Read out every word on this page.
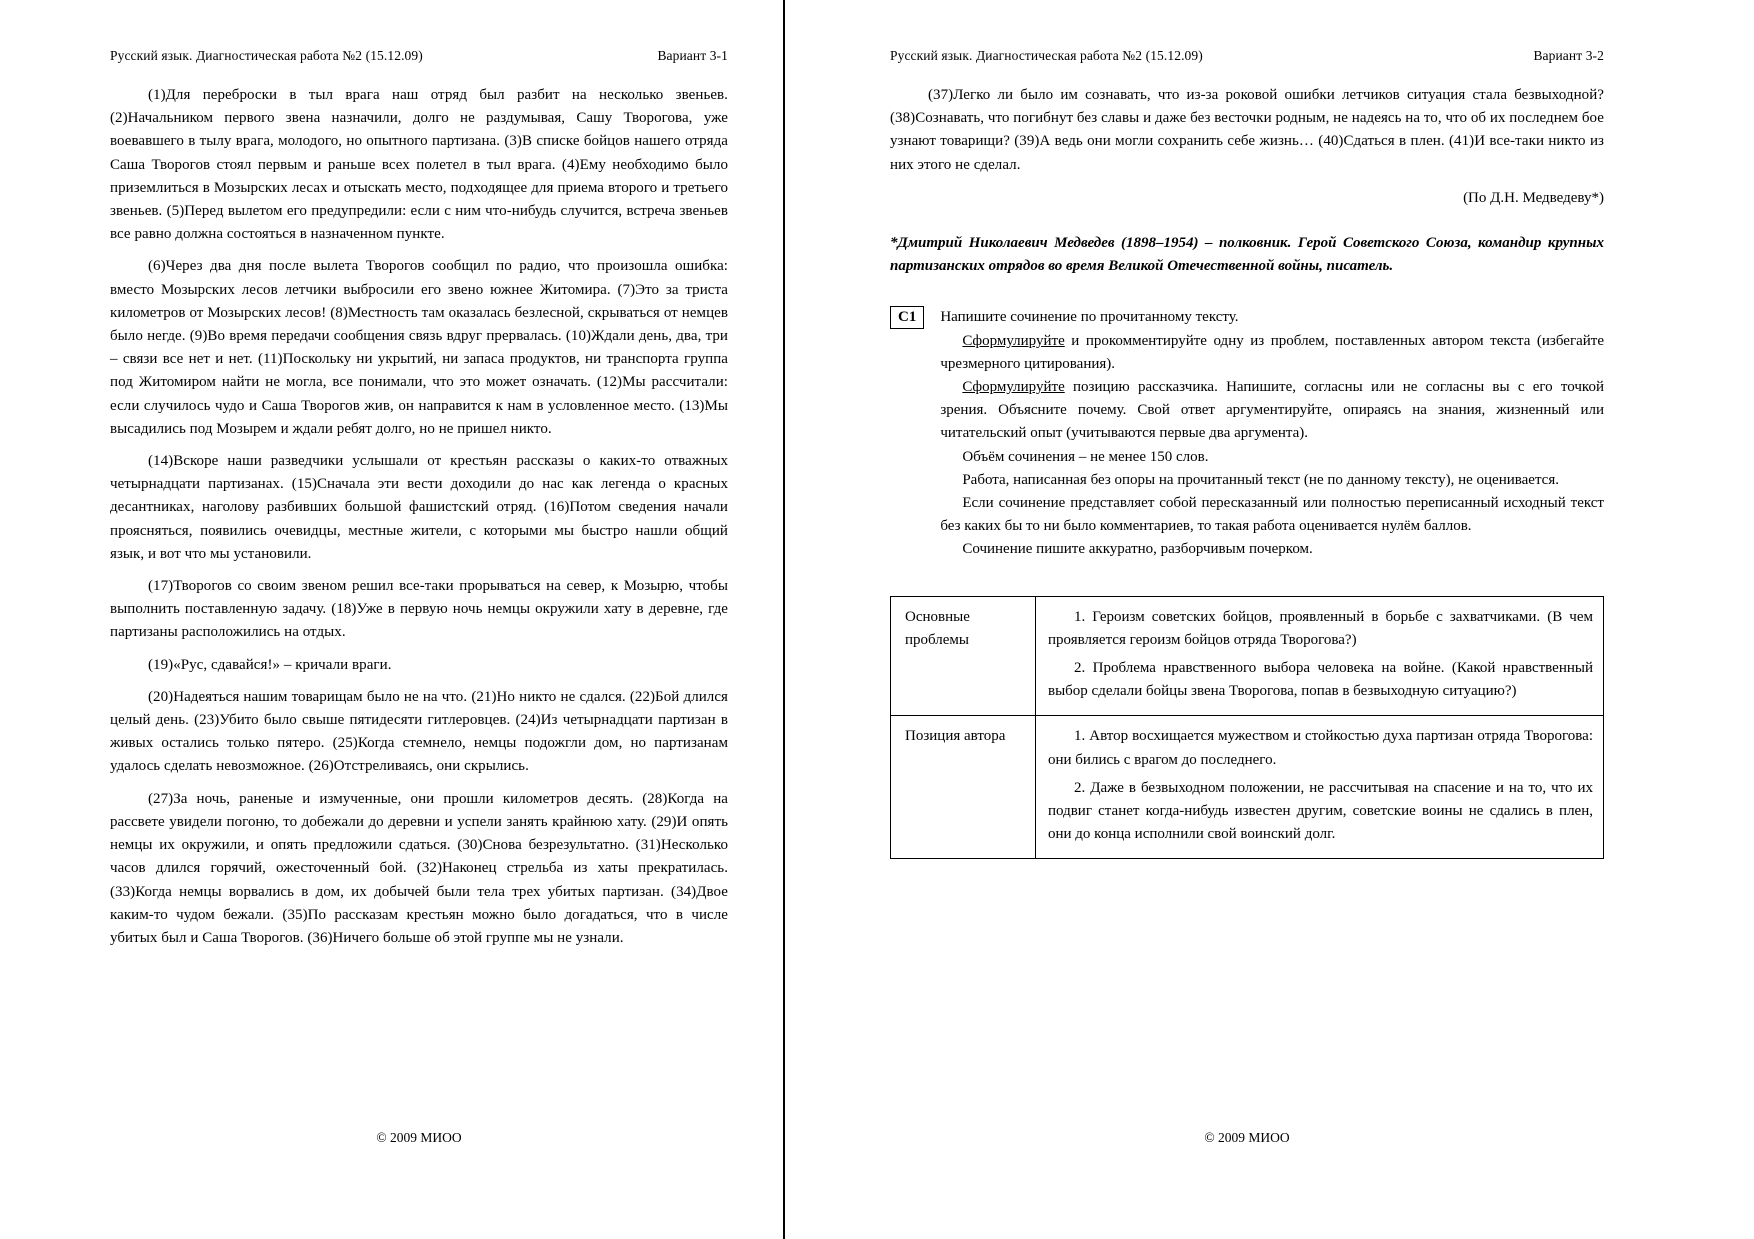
Русский язык. Диагностическая работа №2 (15.12.09)	Вариант 3-1

(1)Для переброски в тыл врага наш отряд был разбит на несколько звеньев. (2)Начальником первого звена назначили, долго не раздумывая, Сашу Творогова, уже воевавшего в тылу врага, молодого, но опытного партизана. (3)В списке бойцов нашего отряда Саша Творогов стоял первым и раньше всех полетел в тыл врага. (4)Ему необходимо было приземлиться в Мозырских лесах и отыскать место, подходящее для приема второго и третьего звеньев. (5)Перед вылетом его предупредили: если с ним что-нибудь случится, встреча звеньев все равно должна состояться в назначенном пункте.

(6)Через два дня после вылета Творогов сообщил по радио, что произошла ошибка: вместо Мозырских лесов летчики выбросили его звено южнее Житомира. (7)Это за триста километров от Мозырских лесов! (8)Местность там оказалась безлесной, скрываться от немцев было негде. (9)Во время передачи сообщения связь вдруг прервалась. (10)Ждали день, два, три – связи все нет и нет. (11)Поскольку ни укрытий, ни запаса продуктов, ни транспорта группа под Житомиром найти не могла, все понимали, что это может означать. (12)Мы рассчитали: если случилось чудо и Саша Творогов жив, он направится к нам в условленное место. (13)Мы высадились под Мозырем и ждали ребят долго, но не пришел никто.

(14)Вскоре наши разведчики услышали от крестьян рассказы о каких-то отважных четырнадцати партизанах. (15)Сначала эти вести доходили до нас как легенда о красных десантниках, наголову разбивших большой фашистский отряд. (16)Потом сведения начали проясняться, появились очевидцы, местные жители, с которыми мы быстро нашли общий язык, и вот что мы установили.

(17)Творогов со своим звеном решил все-таки прорываться на север, к Мозырю, чтобы выполнить поставленную задачу. (18)Уже в первую ночь немцы окружили хату в деревне, где партизаны расположились на отдых.

(19)«Рус, сдавайся!» – кричали враги.

(20)Надеяться нашим товарищам было не на что. (21)Но никто не сдался. (22)Бой длился целый день. (23)Убито было свыше пятидесяти гитлеровцев. (24)Из четырнадцати партизан в живых остались только пятеро. (25)Когда стемнело, немцы подожгли дом, но партизанам удалось сделать невозможное. (26)Отстреливаясь, они скрылись.

(27)За ночь, раненые и измученные, они прошли километров десять. (28)Когда на рассвете увидели погоню, то добежали до деревни и успели занять крайнюю хату. (29)И опять немцы их окружили, и опять предложили сдаться. (30)Снова безрезультатно. (31)Несколько часов длился горячий, ожесточенный бой. (32)Наконец стрельба из хаты прекратилась. (33)Когда немцы ворвались в дом, их добычей были тела трех убитых партизан. (34)Двое каким-то чудом бежали. (35)По рассказам крестьян можно было догадаться, что в числе убитых был и Саша Творогов. (36)Ничего больше об этой группе мы не узнали.

© 2009 МИОО
Русский язык. Диагностическая работа №2 (15.12.09)	Вариант 3-2

(37)Легко ли было им сознавать, что из-за роковой ошибки летчиков ситуация стала безвыходной? (38)Сознавать, что погибнут без славы и даже без весточки родным, не надеясь на то, что об их последнем бое узнают товарищи? (39)А ведь они могли сохранить себе жизнь… (40)Сдаться в плен. (41)И все-таки никто из них этого не сделал.

(По Д.Н. Медведеву*)
*Дмитрий Николаевич Медведев (1898–1954) – полковник. Герой Советского Союза, командир крупных партизанских отрядов во время Великой Отечественной войны, писатель.
C1	Напишите сочинение по прочитанному тексту.

Сформулируйте и прокомментируйте одну из проблем, поставленных автором текста (избегайте чрезмерного цитирования).

Сформулируйте позицию рассказчика. Напишите, согласны или не согласны вы с его точкой зрения. Объясните почему. Свой ответ аргументируйте, опираясь на знания, жизненный или читательский опыт (учитываются первые два аргумента).

Объём сочинения – не менее 150 слов.

Работа, написанная без опоры на прочитанный текст (не по данному тексту), не оценивается.

Если сочинение представляет собой пересказанный или полностью переписанный исходный текст без каких бы то ни было комментариев, то такая работа оценивается нулём баллов.

Сочинение пишите аккуратно, разборчивым почерком.

Основные проблемы	1. Героизм советских бойцов, проявленный в борьбе с захватчиками. (В чем проявляется героизм бойцов отряда Творогова?)

2. Проблема нравственного выбора человека на войне. (Какой нравственный выбор сделали бойцы звена Творогова, попав в безвыходную ситуацию?)

Позиция автора	1. Автор восхищается мужеством и стойкостью духа партизан отряда Творогова: они бились с врагом до последнего.

2. Даже в безвыходном положении, не рассчитывая на спасение и на то, что их подвиг станет когда-нибудь известен другим, советские воины не сдались в плен, они до конца исполнили свой воинский долг.

© 2009 МИОО
